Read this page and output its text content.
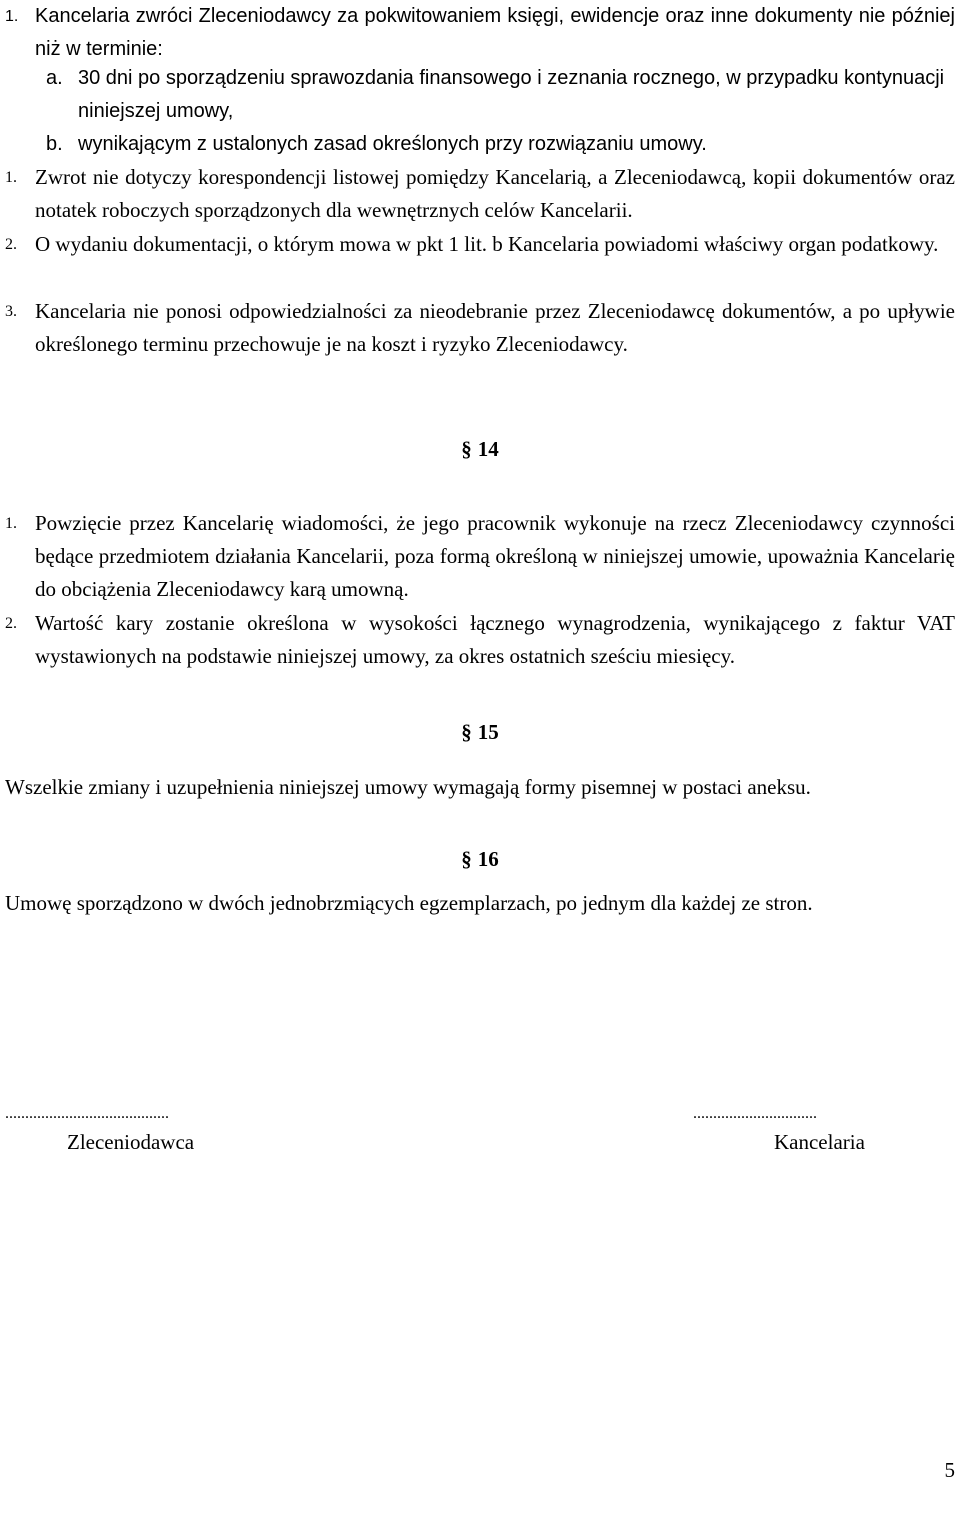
1. Kancelaria zwróci Zleceniodawcy za pokwitowaniem księgi, ewidencje oraz inne dokumenty nie później niż w terminie:
a. 30 dni po sporządzeniu sprawozdania finansowego i zeznania rocznego, w przypadku kontynuacji niniejszej umowy,
b. wynikającym z ustalonych zasad określonych przy rozwiązaniu umowy.
1. Zwrot nie dotyczy korespondencji listowej pomiędzy Kancelarią, a Zleceniodawcą, kopii dokumentów oraz notatek roboczych sporządzonych dla wewnętrznych celów Kancelarii.
2. O wydaniu dokumentacji, o którym mowa w pkt 1 lit. b Kancelaria powiadomi właściwy organ podatkowy.
3. Kancelaria nie ponosi odpowiedzialności za nieodebranie przez Zleceniodawcę dokumentów, a po upływie określonego terminu przechowuje je na koszt i ryzyko Zleceniodawcy.
§ 14
1. Powzięcie przez Kancelarię wiadomości, że jego pracownik wykonuje na rzecz Zleceniodawcy czynności będące przedmiotem działania Kancelarii, poza formą określoną w niniejszej umowie, upoważnia Kancelarię do obciążenia Zleceniodawcy karą umowną.
2. Wartość kary zostanie określona w wysokości łącznego wynagrodzenia, wynikającego z faktur VAT wystawionych na podstawie niniejszej umowy, za okres ostatnich sześciu miesięcy.
§ 15
Wszelkie zmiany i uzupełnienia niniejszej umowy wymagają formy pisemnej w postaci aneksu.
§ 16
Umowę sporządzono w dwóch jednobrzmiących egzemplarzach, po jednym dla każdej ze stron.
.........................................
Zleceniodawca
...............................
Kancelaria
5
